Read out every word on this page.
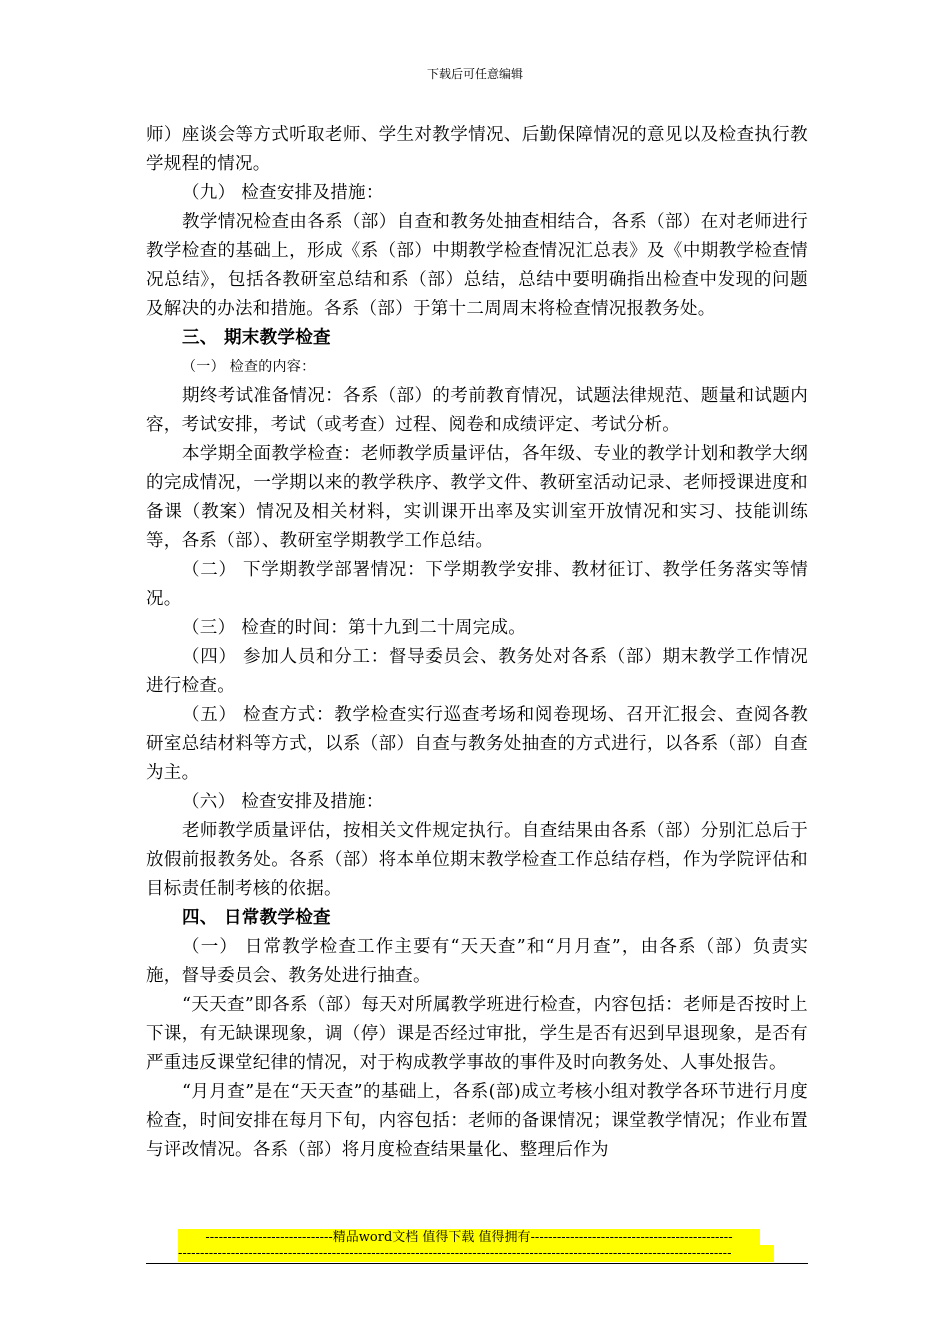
下载后可任意编辑

师）座谈会等方式听取老师、学生对教学情况、后勤保障情况的意见以及检查执行教学规程的情况。

（九） 检查安排及措施：

教学情况检查由各系（部）自查和教务处抽查相结合，各系（部）在对老师进行教学检查的基础上，形成《系（部）中期教学检查情况汇总表》及《中期教学检查情况总结》，包括各教研室总结和系（部）总结，总结中要明确指出检查中发现的问题及解决的办法和措施。各系（部）于第十二周周末将检查情况报教务处。

三、 期末教学检查

（一） 检查的内容：

期终考试准备情况：各系（部）的考前教育情况，试题法律规范、题量和试题内容，考试安排，考试（或考查）过程、阅卷和成绩评定、考试分析。

本学期全面教学检查：老师教学质量评估，各年级、专业的教学计划和教学大纲的完成情况，一学期以来的教学秩序、教学文件、教研室活动记录、老师授课进度和备课（教案）情况及相关材料，实训课开出率及实训室开放情况和实习、技能训练等，各系（部）、教研室学期教学工作总结。

（二） 下学期教学部署情况：下学期教学安排、教材征订、教学任务落实等情况。

（三） 检查的时间：第十九到二十周完成。

（四） 参加人员和分工：督导委员会、教务处对各系（部）期末教学工作情况进行检查。

（五） 检查方式：教学检查实行巡查考场和阅卷现场、召开汇报会、查阅各教研室总结材料等方式，以系（部）自查与教务处抽查的方式进行，以各系（部）自查为主。

（六） 检查安排及措施：

老师教学质量评估，按相关文件规定执行。自查结果由各系（部）分别汇总后于放假前报教务处。各系（部）将本单位期末教学检查工作总结存档，作为学院评估和目标责任制考核的依据。

四、 日常教学检查

（一） 日常教学检查工作主要有“天天查”和“月月查”，由各系（部）负责实施，督导委员会、教务处进行抽查。

“天天查”即各系（部）每天对所属教学班进行检查，内容包括：老师是否按时上下课，有无缺课现象，调（停）课是否经过审批，学生是否有迟到早退现象，是否有严重违反课堂纪律的情况，对于构成教学事故的事件及时向教务处、人事处报告。

“月月查”是在“天天查”的基础上，各系(部)成立考核小组对教学各环节进行月度检查，时间安排在每月下旬，内容包括：老师的备课情况；课堂教学情况；作业布置与评改情况。各系（部）将月度检查结果量化、整理后作为

-----------------------------精品word文档 值得下载 值得拥有----------------------------------------------
------------------------------------------------------------------------------------------------------------------------------
